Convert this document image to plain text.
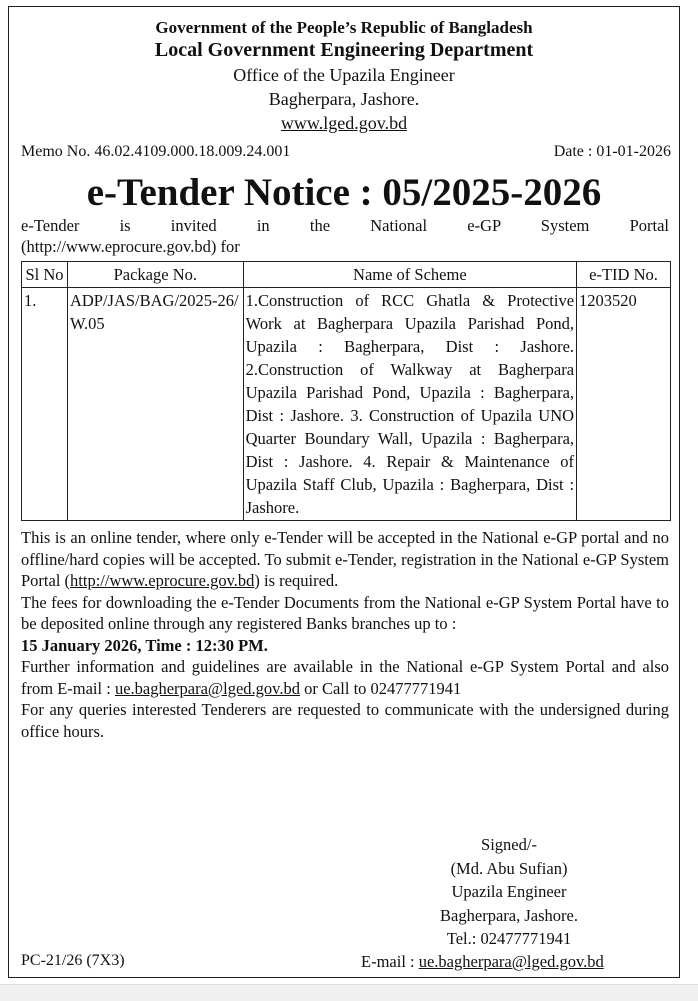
Government of the People’s Republic of Bangladesh
Local Government Engineering Department
Office of the Upazila Engineer
Bagherpara, Jashore.
www.lged.gov.bd
Memo No. 46.02.4109.000.18.009.24.001	Date : 01-01-2026
e-Tender Notice : 05/2025-2026
e-Tender is invited in the National e-GP System Portal
(http://www.eprocure.gov.bd) for
Sl No	Package No.	Name of Scheme	e-TID No.
1.	ADP/JAS/BAG/2025-26/W.05	1.Construction of RCC Ghatla & Protective Work at Bagherpara Upazila Parishad Pond, Upazila : Bagherpara, Dist : Jashore. 2.Construction of Walkway at Bagherpara Upazila Parishad Pond, Upazila : Bagherpara, Dist : Jashore. 3. Construction of Upazila UNO Quarter Boundary Wall, Upazila : Bagherpara, Dist : Jashore. 4. Repair & Maintenance of Upazila Staff Club, Upazila : Bagherpara, Dist : Jashore.	1203520
This is an online tender, where only e-Tender will be accepted in the National e-GP portal and no offline/hard copies will be accepted. To submit e-Tender, registration in the National e-GP System Portal (http://www.eprocure.gov.bd) is required.
The fees for downloading the e-Tender Documents from the National e-GP System Portal have to be deposited online through any registered Banks branches up to :
15 January 2026, Time : 12:30 PM.
Further information and guidelines are available in the National e-GP System Portal and also from E-mail : ue.bagherpara@lged.gov.bd or Call to 02477771941
For any queries interested Tenderers are requested to communicate with the undersigned during office hours.
Signed/-
(Md. Abu Sufian)
Upazila Engineer
Bagherpara, Jashore.
Tel.: 02477771941
PC-21/26 (7X3)	E-mail : ue.bagherpara@lged.gov.bd
